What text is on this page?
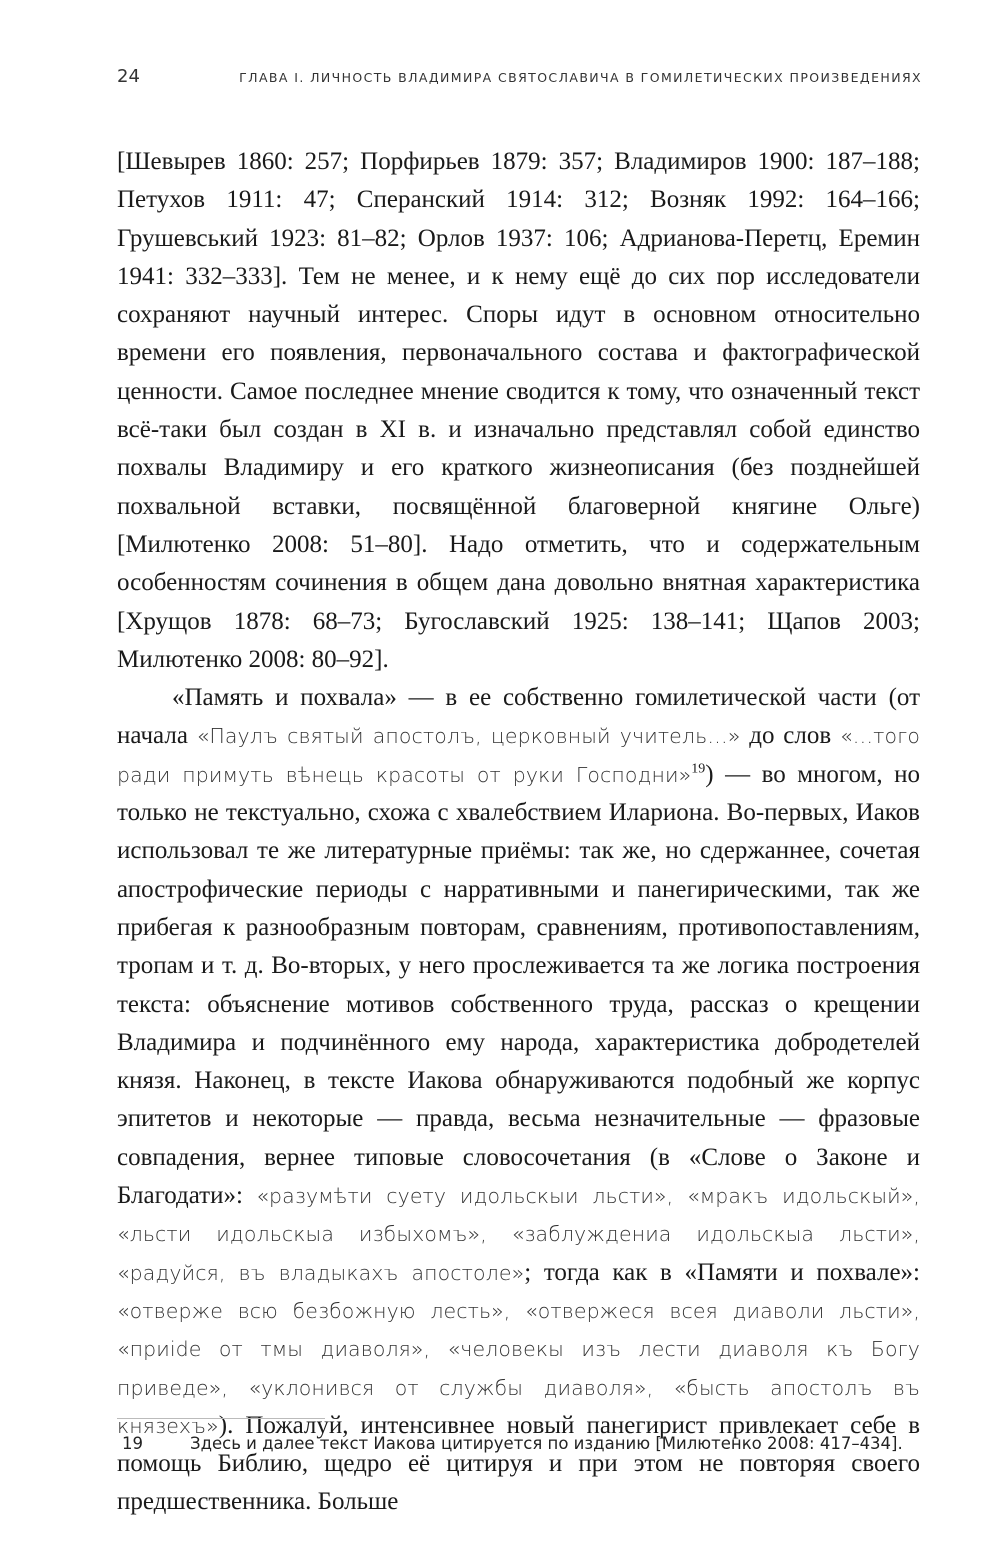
24	ГЛАВА I. ЛИЧНОСТЬ ВЛАДИМИРА СВЯТОСЛАВИЧА В ГОМИЛЕТИЧЕСКИХ ПРОИЗВЕДЕНИЯХ

[Шевырев 1860: 257; Порфирьев 1879: 357; Владимиров 1900: 187–188; Петухов 1911: 47; Сперанский 1914: 312; Возняк 1992: 164–166; Грушевський 1923: 81–82; Орлов 1937: 106; Адрианова-Перетц, Еремин 1941: 332–333]. Тем не менее, и к нему ещё до сих пор исследователи сохраняют научный интерес. Споры идут в основном относительно времени его появления, первоначального состава и фактографической ценности. Самое последнее мнение сводится к тому, что означенный текст всё-таки был создан в XI в. и изначально представлял собой единство похвалы Владимиру и его краткого жизнеописания (без позднейшей похвальной вставки, посвящённой благоверной княгине Ольге) [Милютенко 2008: 51–80]. Надо отметить, что и содержательным особенностям сочинения в общем дана довольно внятная характеристика [Хрущов 1878: 68–73; Бугославский 1925: 138–141; Щапов 2003; Милютенко 2008: 80–92].

«Память и похвала» — в ее собственно гомилетической части (от начала «Паулъ святый апостолъ, церковный учитель…» до слов «…того ради примуть вѣнець красоты от руки Господни»$^{19}$) — во многом, но только не текстуально, схожа с хвалебствием Илариона. Во-первых, Иаков использовал те же литературные приёмы: так же, но сдержаннее, сочетая апострофические периоды с нарративными и панегирическими, так же прибегая к разнообразным повторам, сравнениям, противопоставлениям, тропам и т. д. Во-вторых, у него прослеживается та же логика построения текста: объяснение мотивов собственного труда, рассказ о крещении Владимира и подчинённого ему народа, характеристика добродетелей князя. Наконец, в тексте Иакова обнаруживаются подобный же корпус эпитетов и некоторые — правда, весьма незначительные — фразовые совпадения, вернее типовые словосочетания (в «Слове о Законе и Благодати»: «разумѣти суету идольскыи льсти», «мракъ идольскый», «льсти идольскыа избыхомъ», «заблуждениа идольскыа льсти», «радуйся, въ владыкахъ апостоле»; тогда как в «Памяти и похвале»: «отверже всю безбожную лесть», «отвержеся всея диаволи льсти», «приide от тмы диаволя», «человекы изъ лести диаволя къ Богу приведе», «уклонився от службы диаволя», «бысть апостолъ въ князехъ»). Пожалуй, интенсивнее новый панегирист привлекает себе в помощь Библию, щедро её цитируя и при этом не повторяя своего предшественника. Больше

19	Здесь и далее текст Иакова цитируется по изданию [Милютенко 2008: 417–434].
